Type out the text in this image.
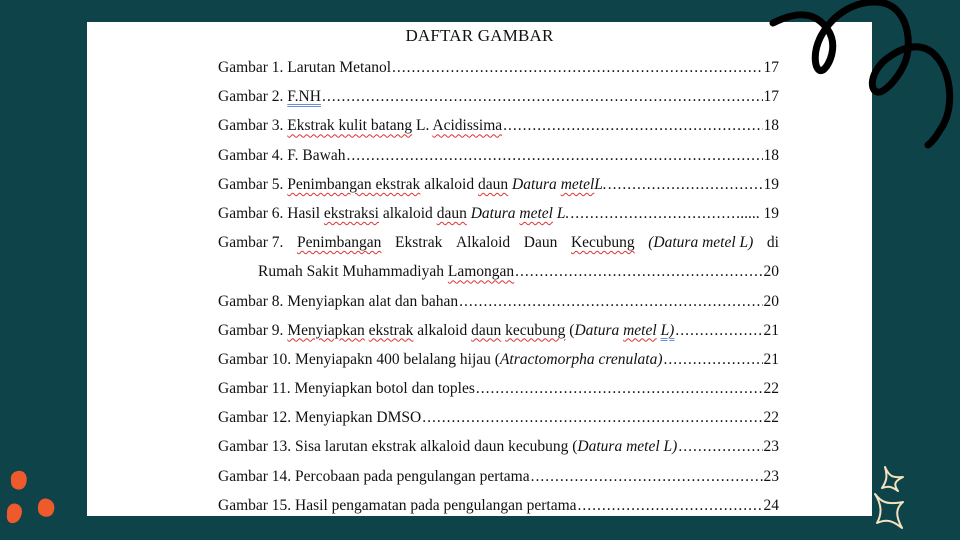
DAFTAR GAMBAR
Gambar 1. Larutan Metanol .....	17
Gambar 2. F.NH .....	17
Gambar 3. Ekstrak kulit batang L. Acidissima .....	18
Gambar 4. F. Bawah .....	18
Gambar 5. Penimbangan ekstrak alkaloid daun Datura metelL. .....	19
Gambar 6. Hasil ekstraksi alkaloid daun Datura metel L. .....	..... 19
Gambar 7. Penimbangan Ekstrak Alkaloid Daun Kecubung (Datura metel L) di
Rumah Sakit Muhammadiyah Lamongan .....	20
Gambar 8. Menyiapkan alat dan bahan .....	20
Gambar 9. Menyiapkan ekstrak alkaloid daun kecubung (Datura metel L) .....	21
Gambar 10. Menyiapakn 400 belalang hijau (Atractomorpha crenulata) .....	21
Gambar 11. Menyiapkan botol dan toples .....	22
Gambar 12. Menyiapkan DMSO .....	22
Gambar 13. Sisa larutan ekstrak alkaloid daun kecubung (Datura metel L) .....	23
Gambar 14. Percobaan pada pengulangan pertama .....	23
Gambar 15. Hasil pengamatan pada pengulangan pertama .....	24
